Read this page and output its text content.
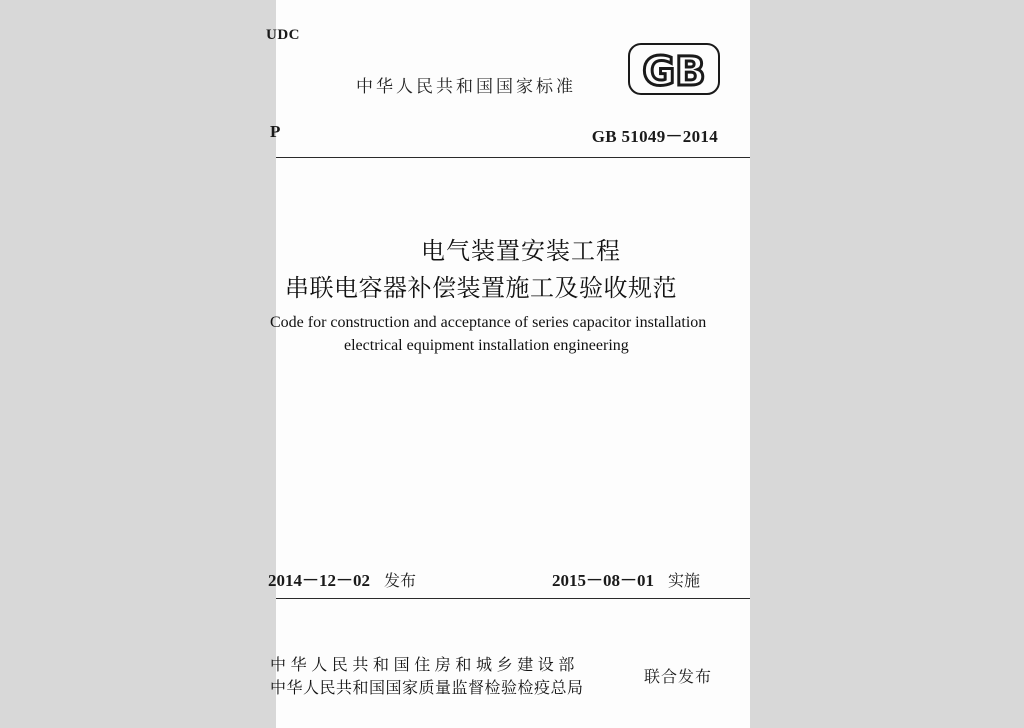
UDC
中华人民共和国国家标准 GB
P	GB 51049－2014
电气装置安装工程
串联电容器补偿装置施工及验收规范
Code for construction and acceptance of series capacitor installation
electrical equipment installation engineering
2014－12－02 发布	2015－08－01 实施
中华人民共和国住房和城乡建设部
中华人民共和国国家质量监督检验检疫总局
联合发布
